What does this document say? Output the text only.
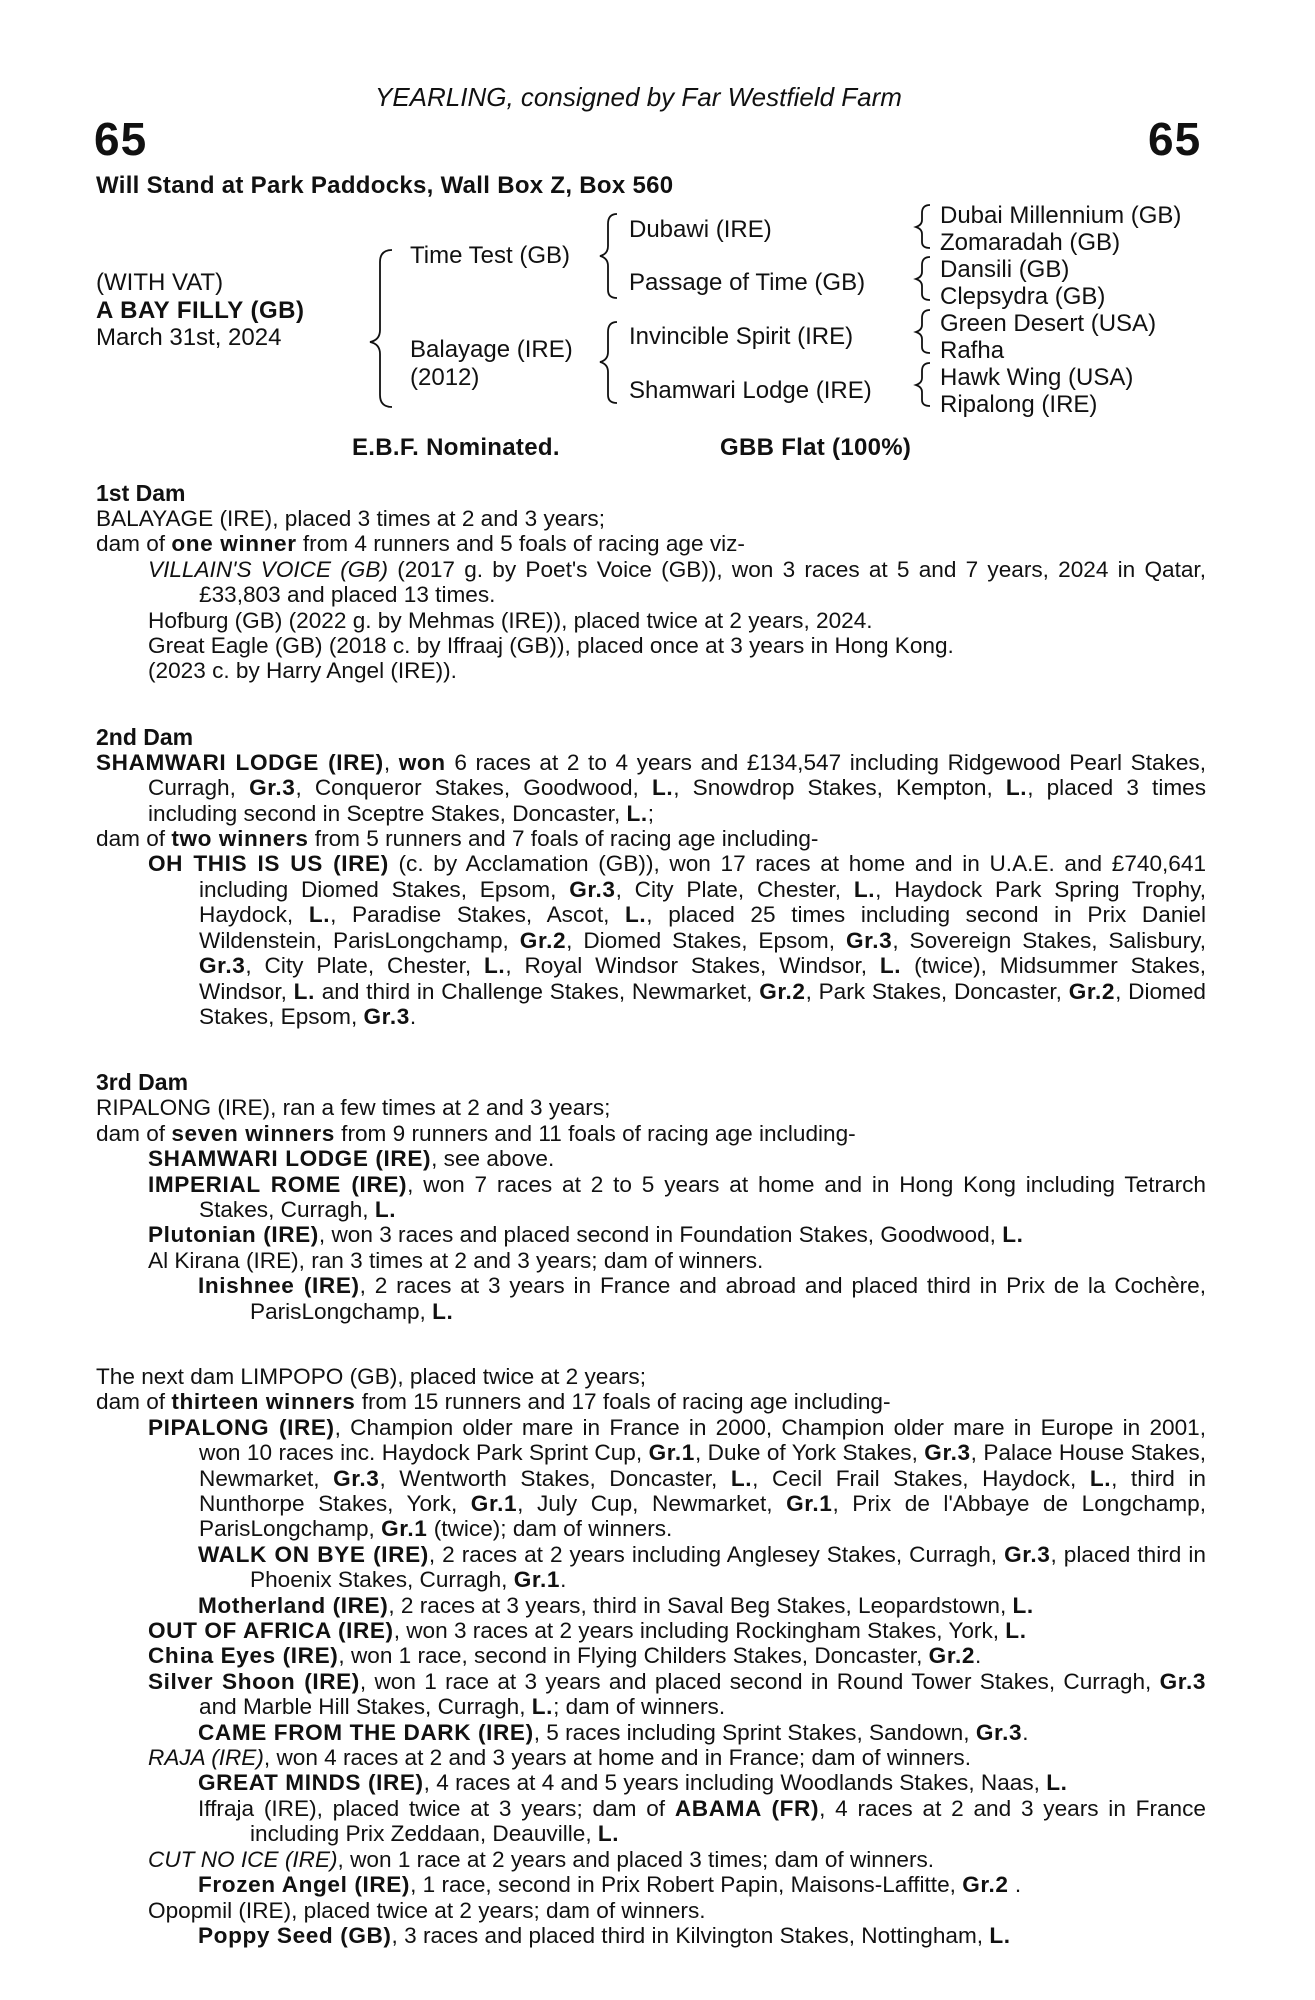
YEARLING, consigned by Far Westfield Farm
65	65
Will Stand at Park Paddocks, Wall Box Z, Box 560
(WITH VAT)
A BAY FILLY (GB)
March 31st, 2024
Time Test (GB)
Balayage (IRE)
(2012)
Dubawi (IRE)
Passage of Time (GB)
Invincible Spirit (IRE)
Shamwari Lodge (IRE)
Dubai Millennium (GB)
Zomaradah (GB)
Dansili (GB)
Clepsydra (GB)
Green Desert (USA)
Rafha
Hawk Wing (USA)
Ripalong (IRE)
E.B.F. Nominated.	GBB Flat (100%)

1st Dam

BALAYAGE (IRE), placed 3 times at 2 and 3 years;

dam of one winner from 4 runners and 5 foals of racing age viz-

VILLAIN'S VOICE (GB) (2017 g. by Poet's Voice (GB)), won 3 races at 5 and 7 years, 2024 in Qatar, £33,803 and placed 13 times.

Hofburg (GB) (2022 g. by Mehmas (IRE)), placed twice at 2 years, 2024.

Great Eagle (GB) (2018 c. by Iffraaj (GB)), placed once at 3 years in Hong Kong.

(2023 c. by Harry Angel (IRE)).

2nd Dam

SHAMWARI LODGE (IRE), won 6 races at 2 to 4 years and £134,547 including Ridgewood Pearl Stakes, Curragh, Gr.3, Conqueror Stakes, Goodwood, L., Snowdrop Stakes, Kempton, L., placed 3 times including second in Sceptre Stakes, Doncaster, L.;

dam of two winners from 5 runners and 7 foals of racing age including-

OH THIS IS US (IRE) (c. by Acclamation (GB)), won 17 races at home and in U.A.E. and £740,641 including Diomed Stakes, Epsom, Gr.3, City Plate, Chester, L., Haydock Park Spring Trophy, Haydock, L., Paradise Stakes, Ascot, L., placed 25 times including second in Prix Daniel Wildenstein, ParisLongchamp, Gr.2, Diomed Stakes, Epsom, Gr.3, Sovereign Stakes, Salisbury, Gr.3, City Plate, Chester, L., Royal Windsor Stakes, Windsor, L. (twice), Midsummer Stakes, Windsor, L. and third in Challenge Stakes, Newmarket, Gr.2, Park Stakes, Doncaster, Gr.2, Diomed Stakes, Epsom, Gr.3.

3rd Dam

RIPALONG (IRE), ran a few times at 2 and 3 years;

dam of seven winners from 9 runners and 11 foals of racing age including-

SHAMWARI LODGE (IRE), see above.

IMPERIAL ROME (IRE), won 7 races at 2 to 5 years at home and in Hong Kong including Tetrarch Stakes, Curragh, L.

Plutonian (IRE), won 3 races and placed second in Foundation Stakes, Goodwood, L.

Al Kirana (IRE), ran 3 times at 2 and 3 years; dam of winners.

Inishnee (IRE), 2 races at 3 years in France and abroad and placed third in Prix de la Cochère, ParisLongchamp, L.

The next dam LIMPOPO (GB), placed twice at 2 years;

dam of thirteen winners from 15 runners and 17 foals of racing age including-

PIPALONG (IRE), Champion older mare in France in 2000, Champion older mare in Europe in 2001, won 10 races inc. Haydock Park Sprint Cup, Gr.1, Duke of York Stakes, Gr.3, Palace House Stakes, Newmarket, Gr.3, Wentworth Stakes, Doncaster, L., Cecil Frail Stakes, Haydock, L., third in Nunthorpe Stakes, York, Gr.1, July Cup, Newmarket, Gr.1, Prix de l'Abbaye de Longchamp, ParisLongchamp, Gr.1 (twice); dam of winners.

WALK ON BYE (IRE), 2 races at 2 years including Anglesey Stakes, Curragh, Gr.3, placed third in Phoenix Stakes, Curragh, Gr.1.

Motherland (IRE), 2 races at 3 years, third in Saval Beg Stakes, Leopardstown, L.

OUT OF AFRICA (IRE), won 3 races at 2 years including Rockingham Stakes, York, L.

China Eyes (IRE), won 1 race, second in Flying Childers Stakes, Doncaster, Gr.2.

Silver Shoon (IRE), won 1 race at 3 years and placed second in Round Tower Stakes, Curragh, Gr.3 and Marble Hill Stakes, Curragh, L.; dam of winners.

CAME FROM THE DARK (IRE), 5 races including Sprint Stakes, Sandown, Gr.3.

RAJA (IRE), won 4 races at 2 and 3 years at home and in France; dam of winners.

GREAT MINDS (IRE), 4 races at 4 and 5 years including Woodlands Stakes, Naas, L.

Iffraja (IRE), placed twice at 3 years; dam of ABAMA (FR), 4 races at 2 and 3 years in France including Prix Zeddaan, Deauville, L.

CUT NO ICE (IRE), won 1 race at 2 years and placed 3 times; dam of winners.

Frozen Angel (IRE), 1 race, second in Prix Robert Papin, Maisons-Laffitte, Gr.2 .

Opopmil (IRE), placed twice at 2 years; dam of winners.

Poppy Seed (GB), 3 races and placed third in Kilvington Stakes, Nottingham, L.
